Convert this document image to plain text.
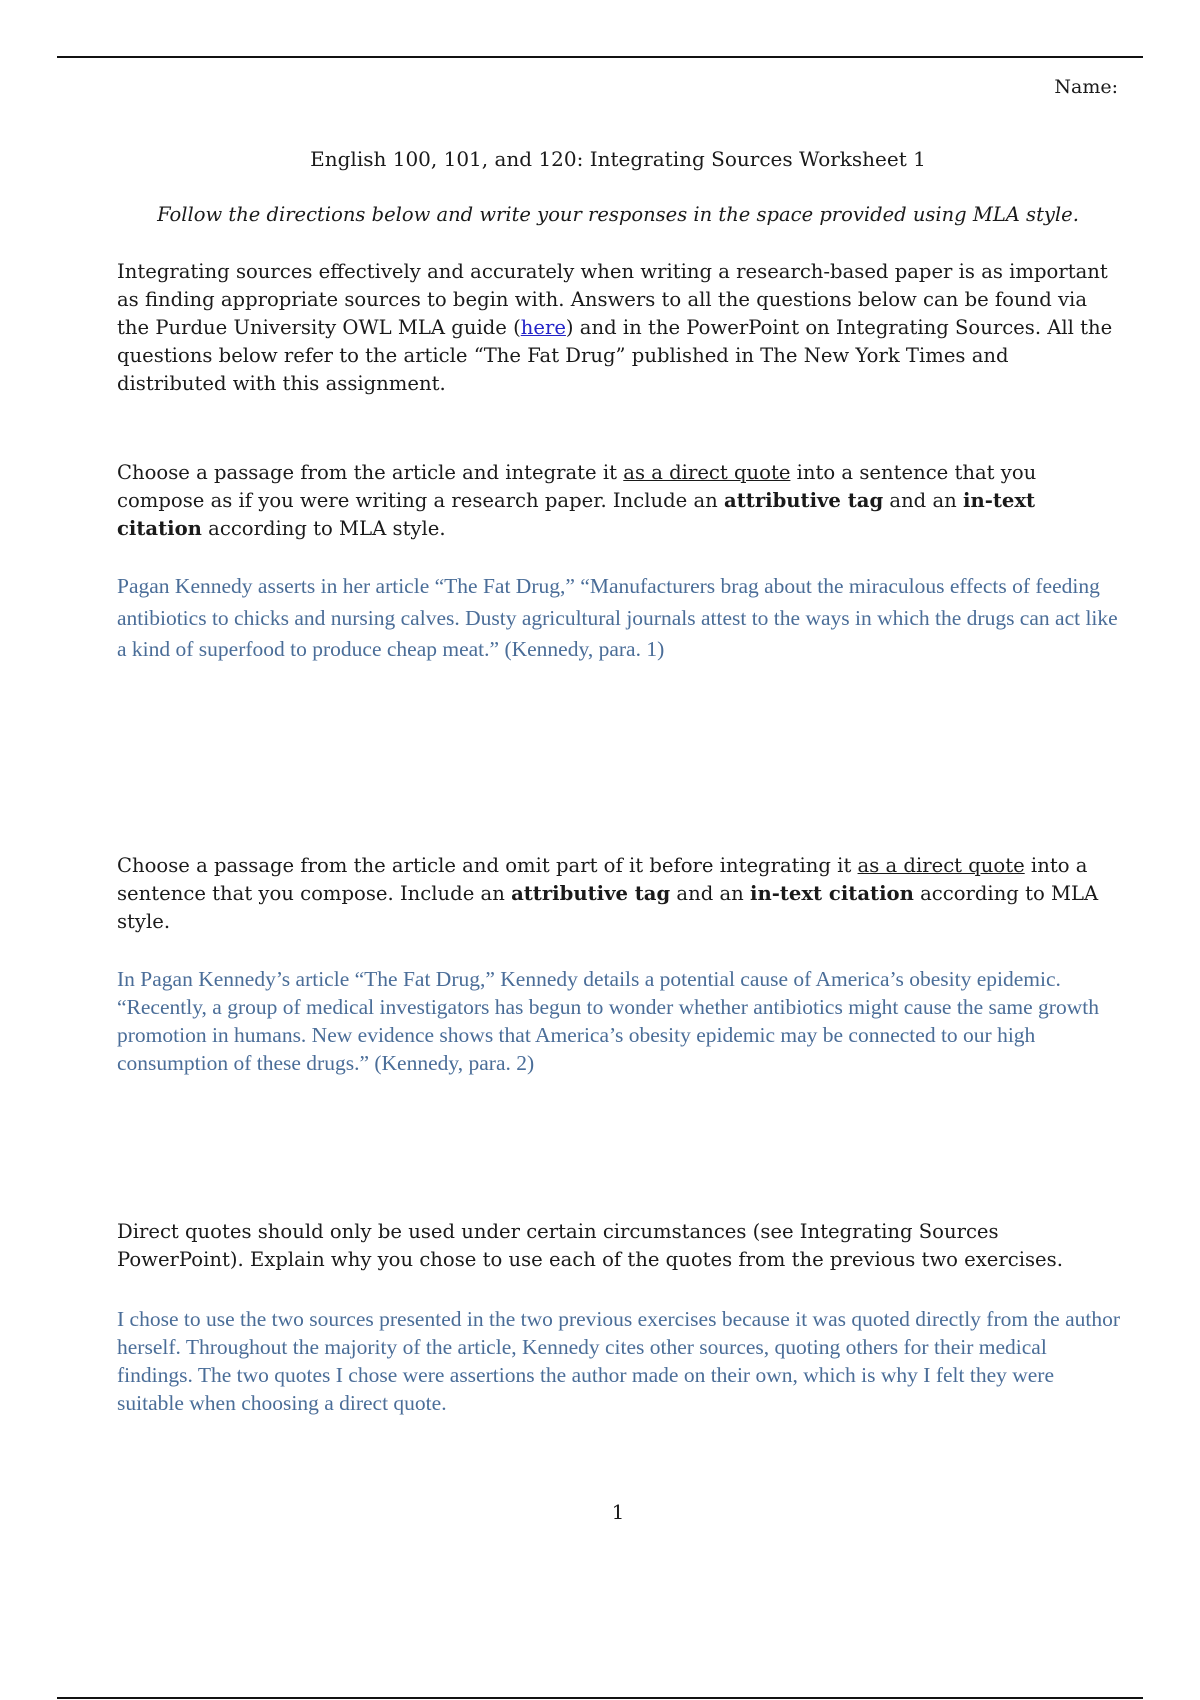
Name:
English 100, 101, and 120: Integrating Sources Worksheet 1
Follow the directions below and write your responses in the space provided using MLA style.
Integrating sources effectively and accurately when writing a research-based paper is as important as finding appropriate sources to begin with. Answers to all the questions below can be found via the Purdue University OWL MLA guide (here) and in the PowerPoint on Integrating Sources. All the questions below refer to the article “The Fat Drug” published in The New York Times and distributed with this assignment.
Choose a passage from the article and integrate it as a direct quote into a sentence that you compose as if you were writing a research paper. Include an attributive tag and an in-text citation according to MLA style.
Pagan Kennedy asserts in her article “The Fat Drug,” “Manufacturers brag about the miraculous effects of feeding antibiotics to chicks and nursing calves. Dusty agricultural journals attest to the ways in which the drugs can act like a kind of superfood to produce cheap meat.” (Kennedy, para. 1)
Choose a passage from the article and omit part of it before integrating it as a direct quote into a sentence that you compose. Include an attributive tag and an in-text citation according to MLA style.
In Pagan Kennedy’s article “The Fat Drug,” Kennedy details a potential cause of America’s obesity epidemic. “Recently, a group of medical investigators has begun to wonder whether antibiotics might cause the same growth promotion in humans. New evidence shows that America’s obesity epidemic may be connected to our high consumption of these drugs.” (Kennedy, para. 2)
Direct quotes should only be used under certain circumstances (see Integrating Sources PowerPoint). Explain why you chose to use each of the quotes from the previous two exercises.
I chose to use the two sources presented in the two previous exercises because it was quoted directly from the author herself. Throughout the majority of the article, Kennedy cites other sources, quoting others for their medical findings. The two quotes I chose were assertions the author made on their own, which is why I felt they were suitable when choosing a direct quote.
1
